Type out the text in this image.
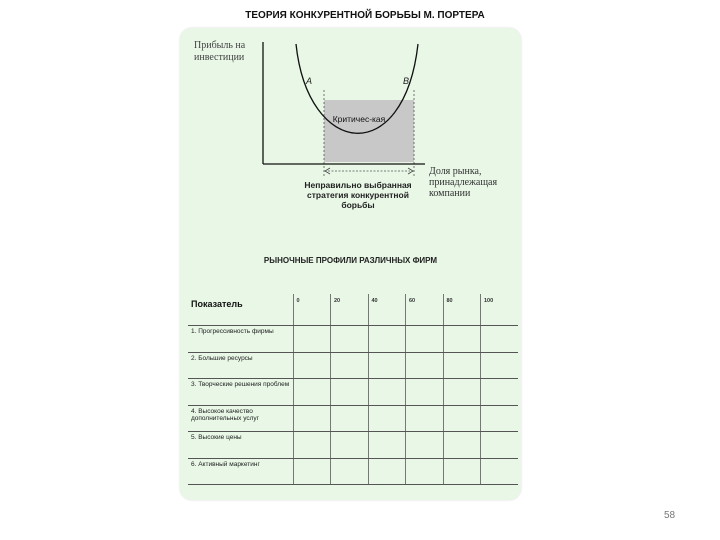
ТЕОРИЯ КОНКУРЕНТНОЙ БОРЬБЫ М. ПОРТЕРА
Прибыль на инвестиции
Доля рынка, принадлежащая компании
А	В
Критичес-кая
Неправильно выбранная стратегия конкурентной борьбы
РЫНОЧНЫЕ ПРОФИЛИ РАЗЛИЧНЫХ ФИРМ
Показатель	0	20	40	60	80	100
1. Прогрессивность фирмы						
2. Большие ресурсы						
3. Творческие решения проблем						
4. Высокое качество дополнительных услуг						
5. Высокие цены						
6. Активный маркетинг						
58
